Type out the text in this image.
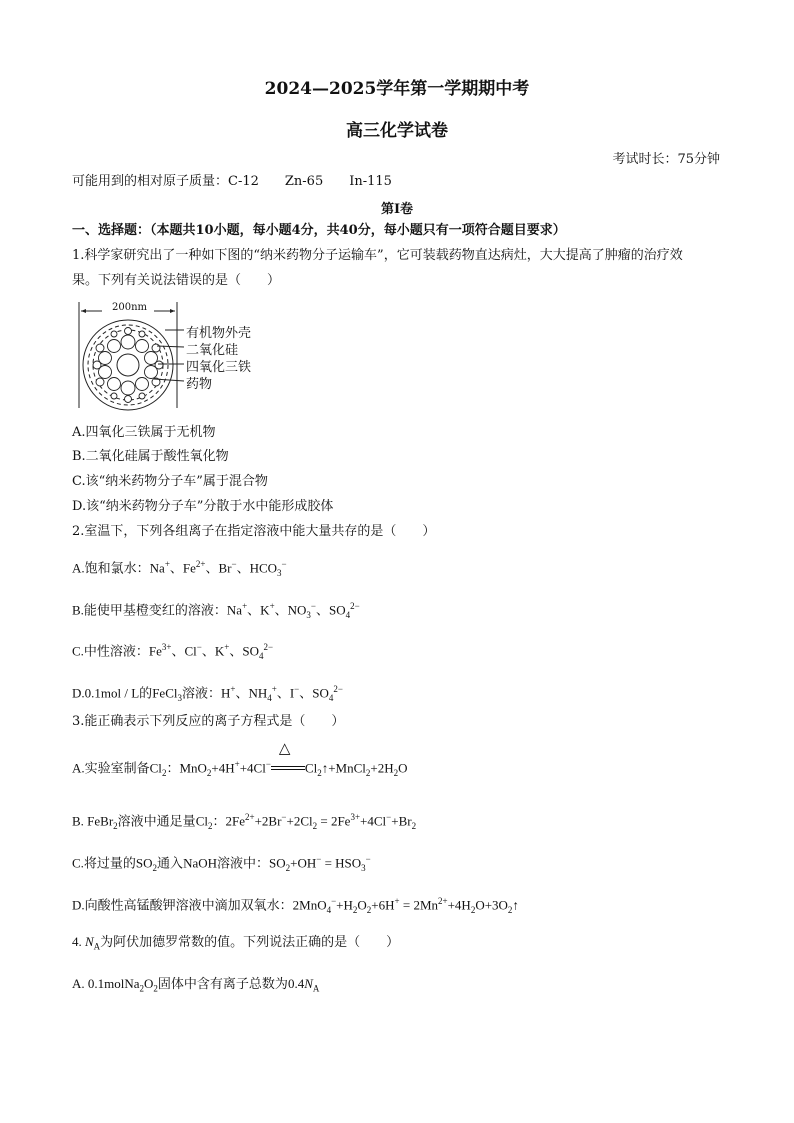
2024—2025学年第一学期期中考
高三化学试卷
考试时长：75分钟
可能用到的相对原子质量：C-12　　Zn-65　　In-115
第Ⅰ卷
一、选择题：（本题共10小题，每小题4分，共40分，每小题只有一项符合题目要求）
1.科学家研究出了一种如下图的“纳米药物分子运输车”，它可装载药物直达病灶，大大提高了肿瘤的治疗效
果。下列有关说法错误的是（　　）
200nm
有机物外壳
二氧化硅
四氧化三铁
药物
A.四氧化三铁属于无机物
B.二氧化硅属于酸性氧化物
C.该“纳米药物分子车”属于混合物
D.该“纳米药物分子车”分散于水中能形成胶体
2.室温下，下列各组离子在指定溶液中能大量共存的是（　　）
A.饱和氯水：Na+、$Fe^{2+}$、Br−、$HCO_3^-$
B.能使甲基橙变红的溶液：Na+、K+、$NO_3^-$、$SO_4^{2-}$
C.中性溶液：$Fe^{3+}$、Cl−、K+、$SO_4^{2-}$
D.0.1mol / L的FeCl$_3$溶液：H+、$NH_4^+$、I−、$SO_4^{2-}$
3.能正确表示下列反应的离子方程式是（　　）
A.实验室制备$Cl_2$：MnO$_2$+4H++4Cl−
△
$Cl_2↑+MnCl_2+2H_2O$
B. FeBr$_2$溶液中通足量$Cl_2$：$2Fe^{2+}+2Br^-+2Cl_2 = 2Fe^{3+}+4Cl^-+Br_2$
C.将过量的$SO_2$通入NaOH溶液中：$SO_2+OH^- = HSO_3^-$
D.向酸性高锰酸钾溶液中滴加双氧水：$2MnO_4^-+H_2O_2+6H^+$ = $2Mn^{2+}+4H_2O+3O_2↑$
4. $N_A$为阿伏加德罗常数的值。下列说法正确的是（　　）
A. $0.1molNa_2O_2$固体中含有离子总数为$0.4N_A$
